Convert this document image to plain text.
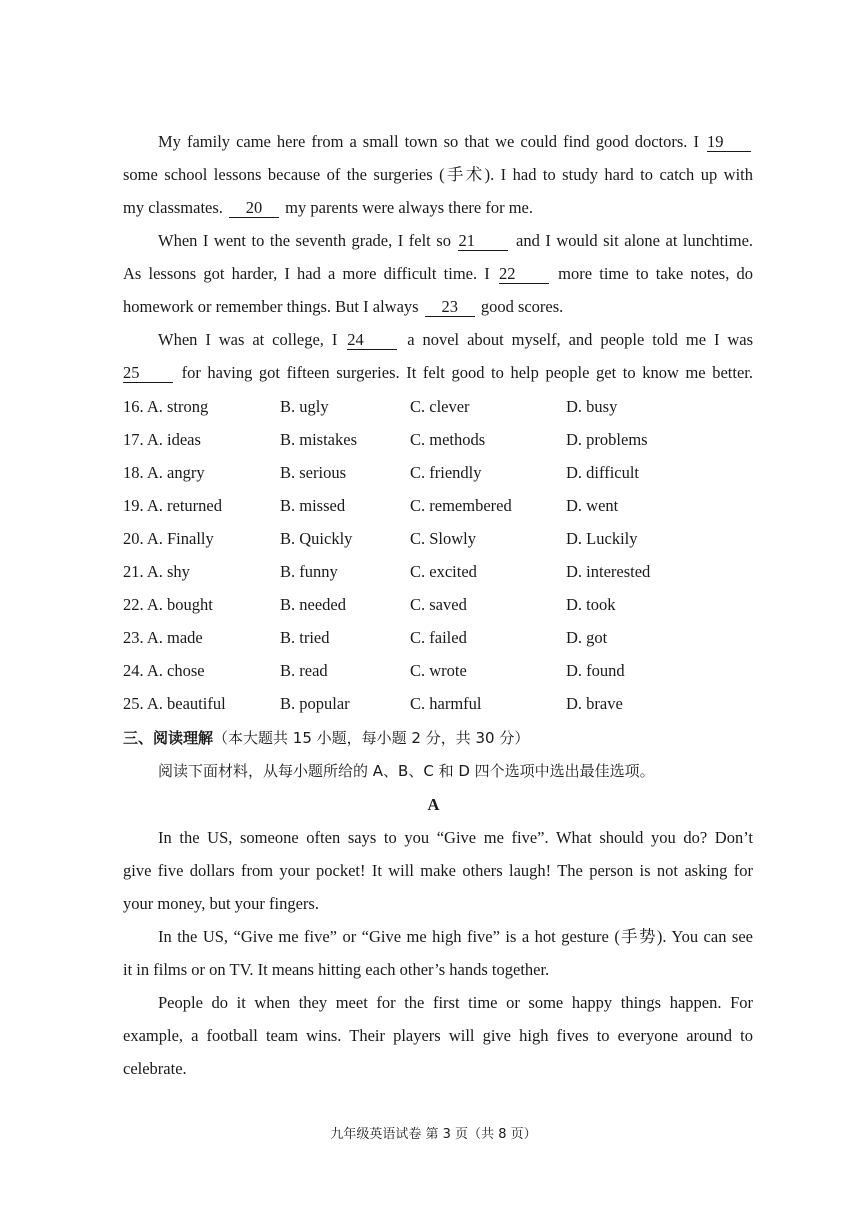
My family came here from a small town so that we could find good doctors. I 19
some school lessons because of the surgeries (手术). I had to study hard to catch up with
my classmates. 20 my parents were always there for me.
When I went to the seventh grade, I felt so 21 and I would sit alone at lunchtime.
As lessons got harder, I had a more difficult time. I 22	more time to take notes, do
homework or remember things. But I always 23 good scores.
When I was at college, I 24	a novel about myself, and people told me I was
25	for having got fifteen surgeries. It felt good to help people get to know me better.
16. A. strong	B. ugly	C. clever	D. busy
17. A. ideas	B. mistakes	C. methods	D. problems
18. A. angry	B. serious	C. friendly	D. difficult
19. A. returned	B. missed	C. remembered	D. went
20. A. Finally	B. Quickly	C. Slowly	D. Luckily
21. A. shy	B. funny	C. excited	D. interested
22. A. bought	B. needed	C. saved	D. took
23. A. made	B. tried	C. failed	D. got
24. A. chose	B. read	C. wrote	D. found
25. A. beautiful	B. popular	C. harmful	D. brave
三、阅读理解（本大题共 15 小题，每小题 2 分，共 30 分）
阅读下面材料，从每小题所给的 A、B、C 和 D 四个选项中选出最佳选项。
A
In the US, someone often says to you “Give me five”. What should you do? Don’t
give five dollars from your pocket! It will make others laugh! The person is not asking for
your money, but your fingers.
In the US, “Give me five” or “Give me high five” is a hot gesture (手势). You can see
it in films or on TV. It means hitting each other’s hands together.
People do it when they meet for the first time or some happy things happen. For
example, a football team wins. Their players will give high fives to everyone around to
celebrate.
九年级英语试卷 第 3 页（共 8 页）
